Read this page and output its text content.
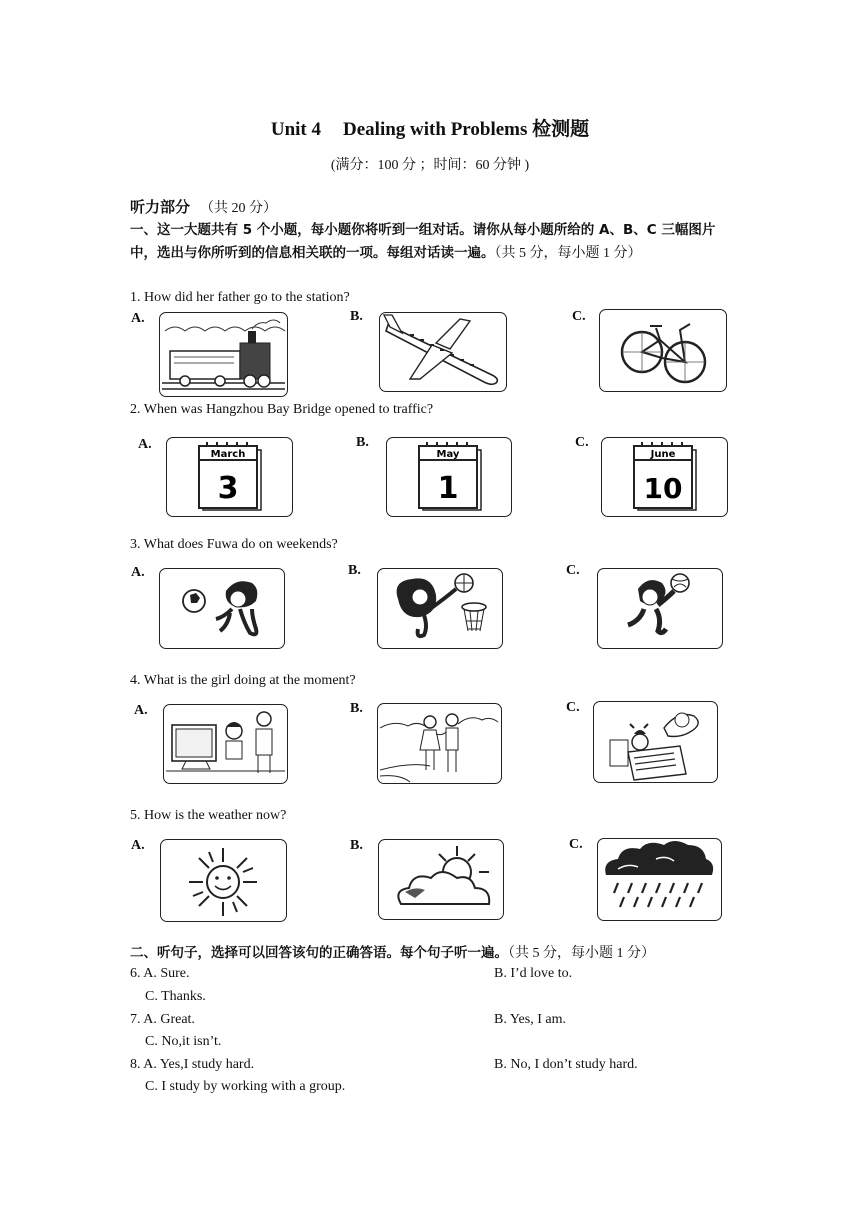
Unit 4 Dealing with Problems 检测题
(满分：100 分 ；时间：60 分钟 )
听力部分 （共 20 分）
一、这一大题共有 5 个小题，每小题你将听到一组对话。请你从每小题所给的 A、B、C 三幅图片中，选出与你所听到的信息相关联的一项。每组对话读一遍。（共 5 分，每小题 1 分）
1. How did her father go to the station?
A.	B.	C.
2. When was Hangzhou Bay Bridge opened to traffic?
A.	B.	C.
March
3
May
1
June
10
3. What does Fuwa do on weekends?
A.	B.	C.
4. What is the girl doing at the moment?
A.	B.	C.
5. How is the weather now?
A.	B.	C.
二、听句子，选择可以回答该句的正确答语。每个句子听一遍。（共 5 分，每小题 1 分）
6. A. Sure.	B. I’d love to.
C. Thanks.
7. A. Great.	B. Yes, I am.
C. No,it isn’t.
8. A. Yes,I study hard.	B. No, I don’t study hard.
C. I study by working with a group.
